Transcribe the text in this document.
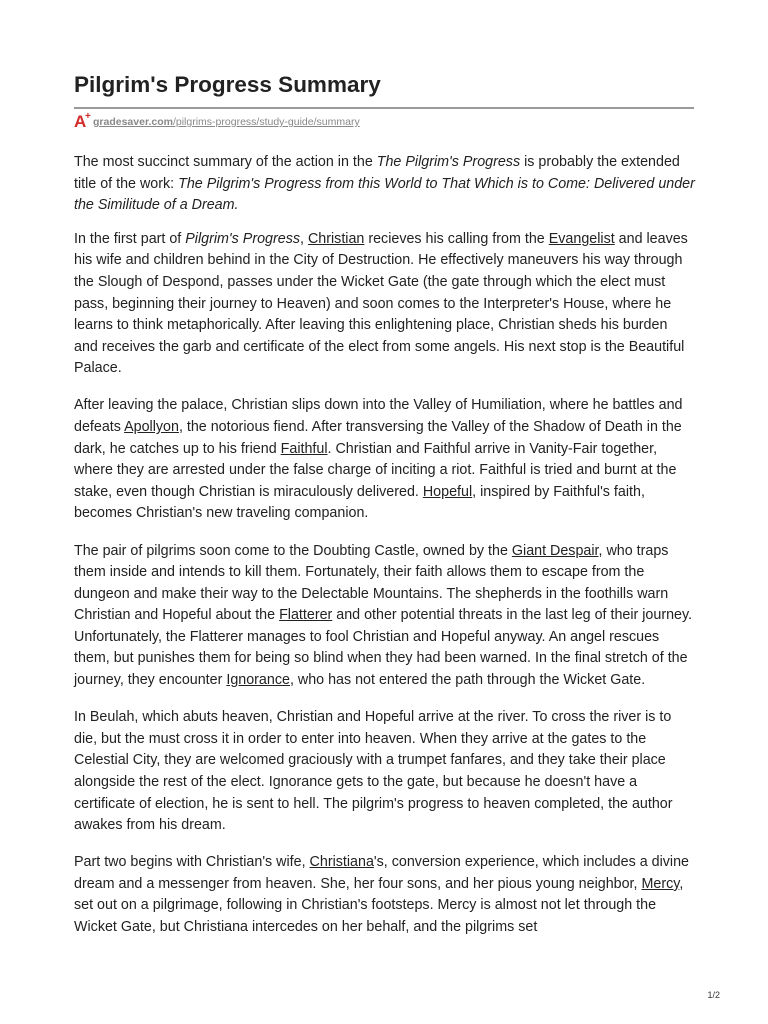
Pilgrim's Progress Summary
A
+ gradesaver.com/pilgrims-progress/study-guide/summary

The most succinct summary of the action in the The Pilgrim's Progress is probably the extended title of the work: The Pilgrim's Progress from this World to That Which is to Come: Delivered under the Similitude of a Dream.

In the first part of Pilgrim's Progress, Christian recieves his calling from the Evangelist and leaves his wife and children behind in the City of Destruction. He effectively maneuvers his way through the Slough of Despond, passes under the Wicket Gate (the gate through which the elect must pass, beginning their journey to Heaven) and soon comes to the Interpreter's House, where he learns to think metaphorically. After leaving this enlightening place, Christian sheds his burden and receives the garb and certificate of the elect from some angels. His next stop is the Beautiful Palace.

After leaving the palace, Christian slips down into the Valley of Humiliation, where he battles and defeats Apollyon, the notorious fiend. After transversing the Valley of the Shadow of Death in the dark, he catches up to his friend Faithful. Christian and Faithful arrive in Vanity-Fair together, where they are arrested under the false charge of inciting a riot. Faithful is tried and burnt at the stake, even though Christian is miraculously delivered. Hopeful, inspired by Faithful's faith, becomes Christian's new traveling companion.

The pair of pilgrims soon come to the Doubting Castle, owned by the Giant Despair, who traps them inside and intends to kill them. Fortunately, their faith allows them to escape from the dungeon and make their way to the Delectable Mountains. The shepherds in the foothills warn Christian and Hopeful about the Flatterer and other potential threats in the last leg of their journey. Unfortunately, the Flatterer manages to fool Christian and Hopeful anyway. An angel rescues them, but punishes them for being so blind when they had been warned. In the final stretch of the journey, they encounter Ignorance, who has not entered the path through the Wicket Gate.

In Beulah, which abuts heaven, Christian and Hopeful arrive at the river. To cross the river is to die, but the must cross it in order to enter into heaven. When they arrive at the gates to the Celestial City, they are welcomed graciously with a trumpet fanfares, and they take their place alongside the rest of the elect. Ignorance gets to the gate, but because he doesn't have a certificate of election, he is sent to hell. The pilgrim's progress to heaven completed, the author awakes from his dream.

Part two begins with Christian's wife, Christiana's, conversion experience, which includes a divine dream and a messenger from heaven. She, her four sons, and her pious young neighbor, Mercy, set out on a pilgrimage, following in Christian's footsteps. Mercy is almost not let through the Wicket Gate, but Christiana intercedes on her behalf, and the pilgrims set

1/2
